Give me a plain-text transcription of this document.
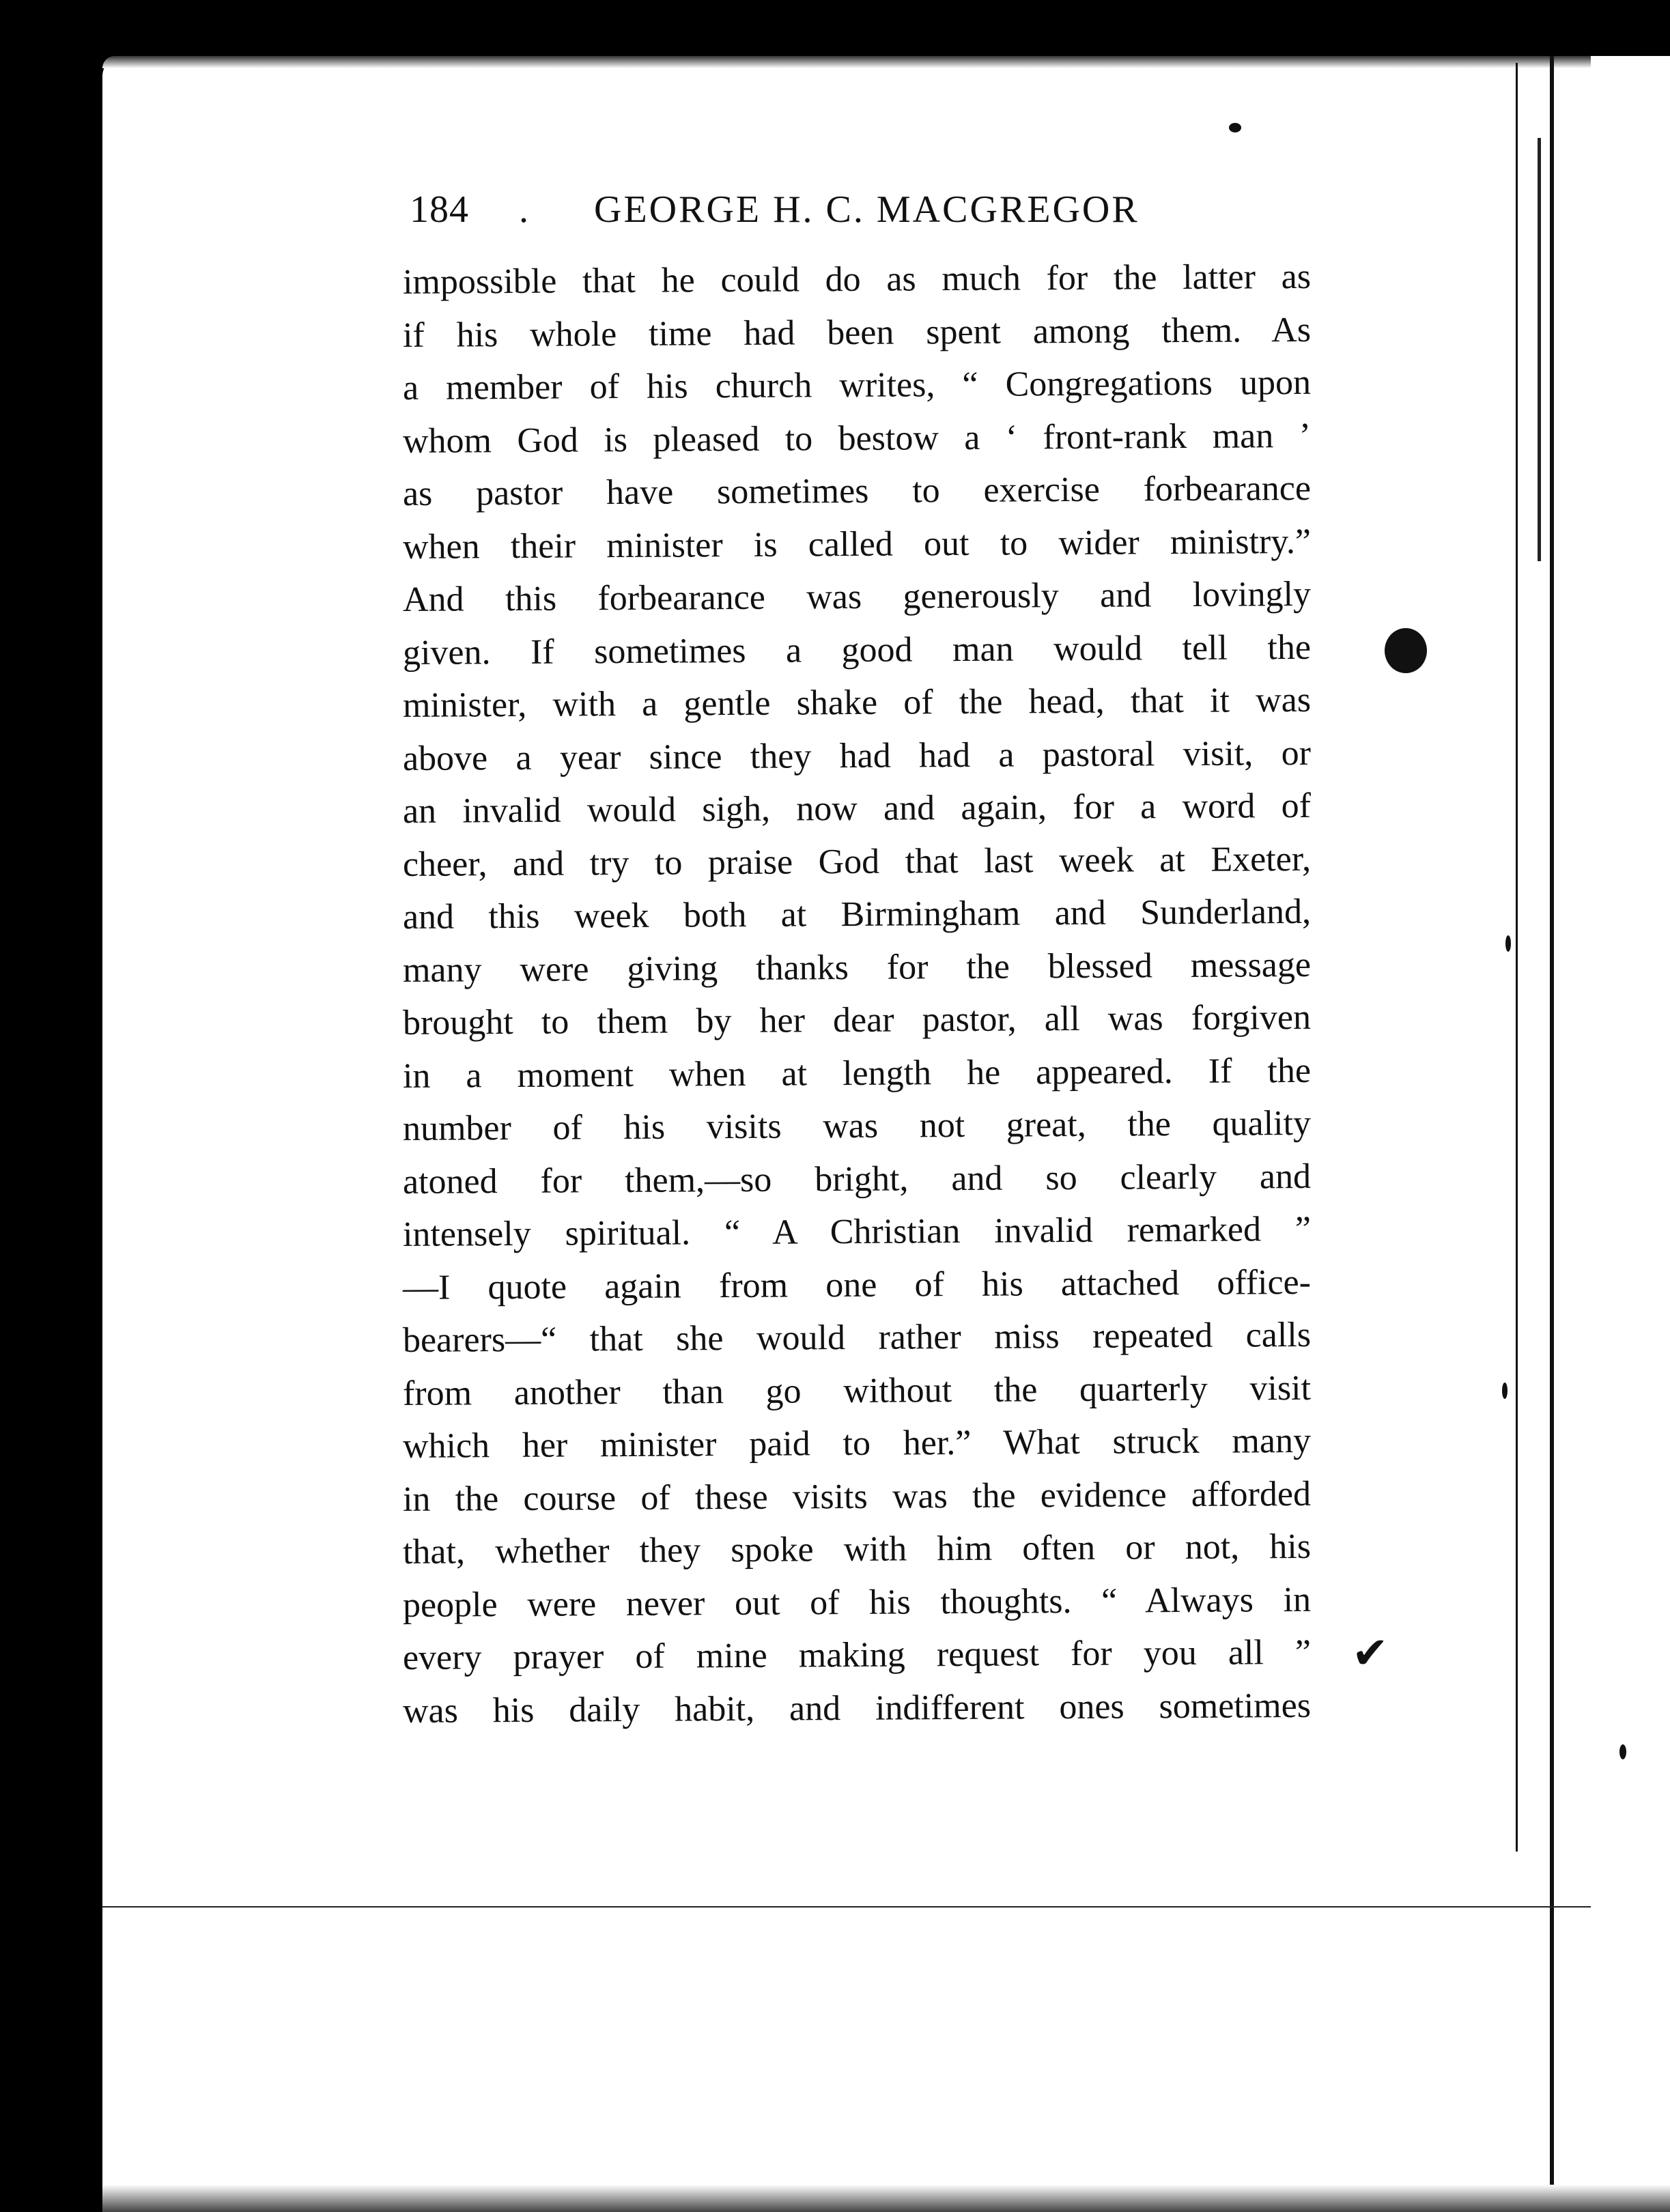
184 . GEORGE H. C. MACGREGOR
impossible that he could do as much for the latter as
if his whole time had been spent among them. As
a member of his church writes, “ Congregations upon
whom God is pleased to bestow a ‘ front-rank man ’
as pastor have sometimes to exercise forbearance
when their minister is called out to wider ministry.”
And this forbearance was generously and lovingly
given. If sometimes a good man would tell the
minister, with a gentle shake of the head, that it was
above a year since they had had a pastoral visit, or
an invalid would sigh, now and again, for a word of
cheer, and try to praise God that last week at Exeter,
and this week both at Birmingham and Sunderland,
many were giving thanks for the blessed message
brought to them by her dear pastor, all was forgiven
in a moment when at length he appeared. If the
number of his visits was not great, the quality
atoned for them,—so bright, and so clearly and
intensely spiritual. “ A Christian invalid remarked ”
—I quote again from one of his attached office-
bearers—“ that she would rather miss repeated calls
from another than go without the quarterly visit
which her minister paid to her.” What struck many
in the course of these visits was the evidence afforded
that, whether they spoke with him often or not, his
people were never out of his thoughts. “ Always in
every prayer of mine making request for you all ”
was his daily habit, and indifferent ones sometimes
✔
